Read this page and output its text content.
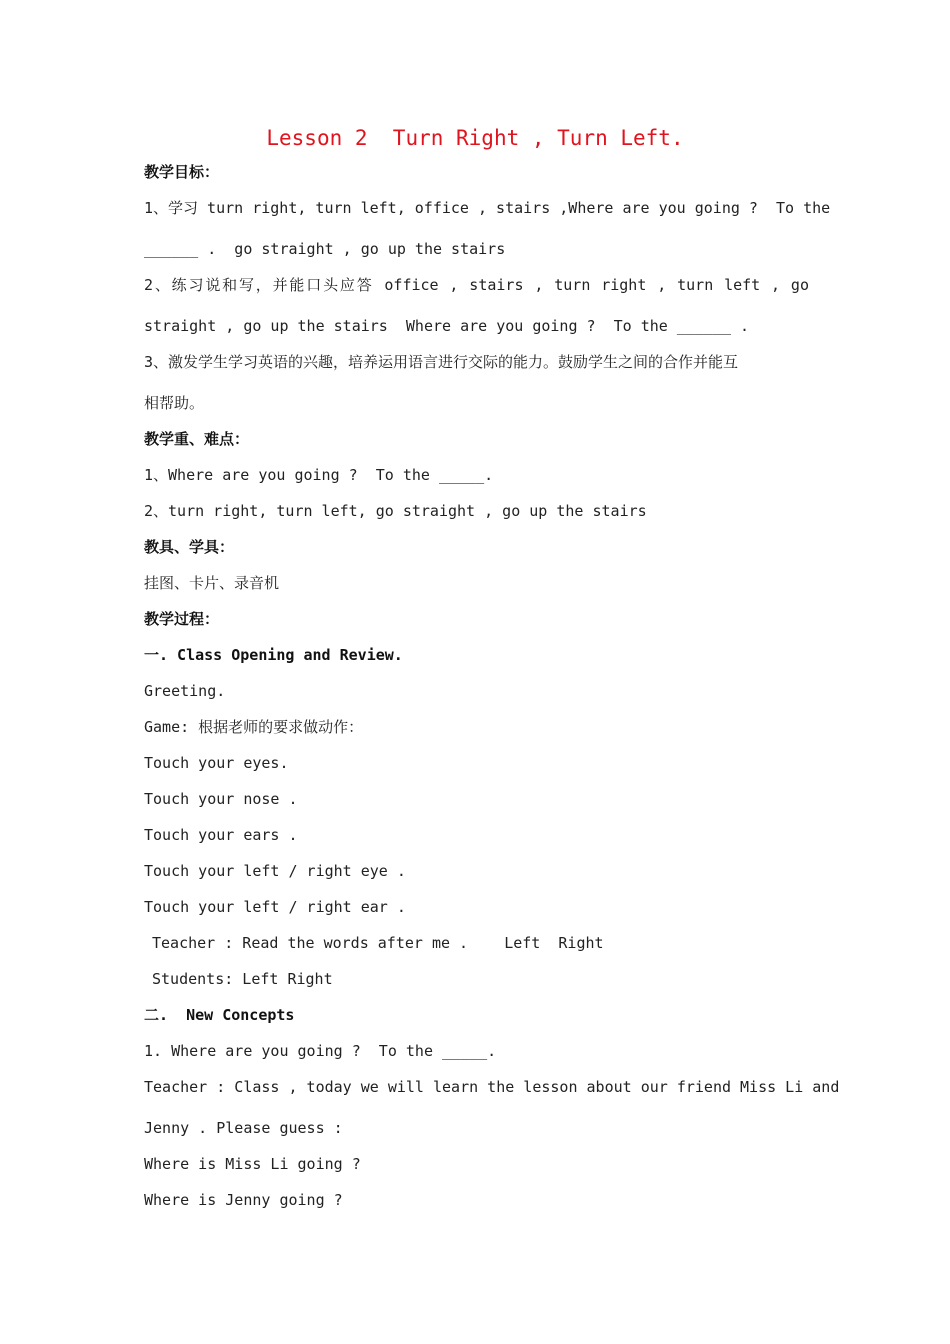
Lesson 2  Turn Right , Turn Left.
教学目标：
1、学习 turn right, turn left, office , stairs ,Where are you going ?  To the
______ .  go straight , go up the stairs
2、练习说和写，并能口头应答 office , stairs , turn right , turn left , go
straight , go up the stairs  Where are you going ?  To the ______ .
3、激发学生学习英语的兴趣，培养运用语言进行交际的能力。鼓励学生之间的合作并能互
相帮助。
教学重、难点：
1、Where are you going ?  To the _____.
2、turn right, turn left, go straight , go up the stairs
教具、学具：
挂图、卡片、录音机
教学过程：
一. Class Opening and Review.
Greeting.
Game: 根据老师的要求做动作：
Touch your eyes.
Touch your nose .
Touch your ears .
Touch your left / right eye .
Touch your left / right ear .
Teacher : Read the words after me .    Left  Right
Students: Left Right
二.  New Concepts
1. Where are you going ?  To the _____.
Teacher : Class , today we will learn the lesson about our friend Miss Li and
Jenny . Please guess :
Where is Miss Li going ?
Where is Jenny going ?
